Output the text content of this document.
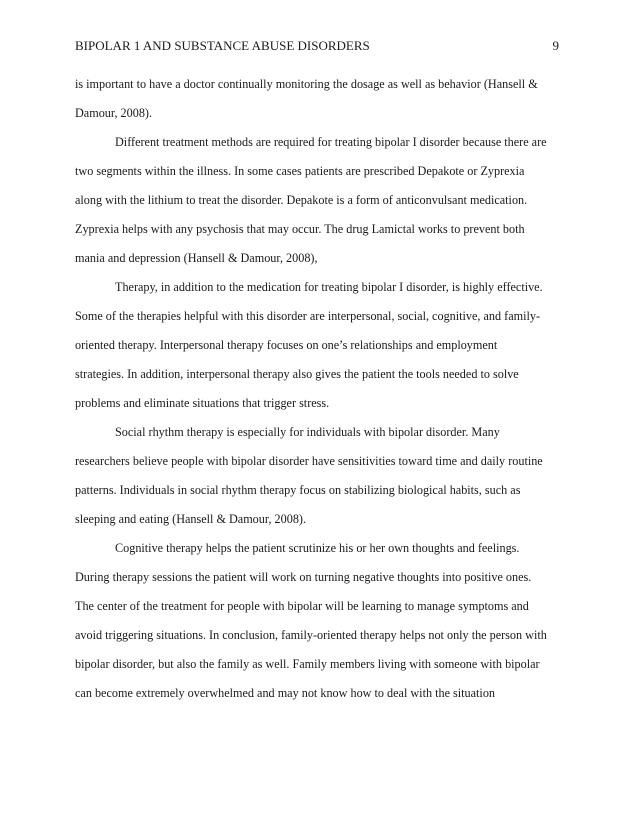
BIPOLAR 1 AND SUBSTANCE ABUSE DISORDERS	9
is important to have a doctor continually monitoring the dosage as well as behavior (Hansell &
Damour, 2008).
Different treatment methods are required for treating bipolar I disorder because there are
two segments within the illness. In some cases patients are prescribed Depakote or Zyprexia
along with the lithium to treat the disorder. Depakote is a form of anticonvulsant medication.
Zyprexia helps with any psychosis that may occur. The drug Lamictal works to prevent both
mania and depression (Hansell & Damour, 2008),
Therapy, in addition to the medication for treating bipolar I disorder, is highly effective.
Some of the therapies helpful with this disorder are interpersonal, social, cognitive, and family-
oriented therapy. Interpersonal therapy focuses on one’s relationships and employment
strategies. In addition, interpersonal therapy also gives the patient the tools needed to solve
problems and eliminate situations that trigger stress.
Social rhythm therapy is especially for individuals with bipolar disorder. Many
researchers believe people with bipolar disorder have sensitivities toward time and daily routine
patterns. Individuals in social rhythm therapy focus on stabilizing biological habits, such as
sleeping and eating (Hansell & Damour, 2008).
Cognitive therapy helps the patient scrutinize his or her own thoughts and feelings.
During therapy sessions the patient will work on turning negative thoughts into positive ones.
The center of the treatment for people with bipolar will be learning to manage symptoms and
avoid triggering situations. In conclusion, family-oriented therapy helps not only the person with
bipolar disorder, but also the family as well. Family members living with someone with bipolar
can become extremely overwhelmed and may not know how to deal with the situation
